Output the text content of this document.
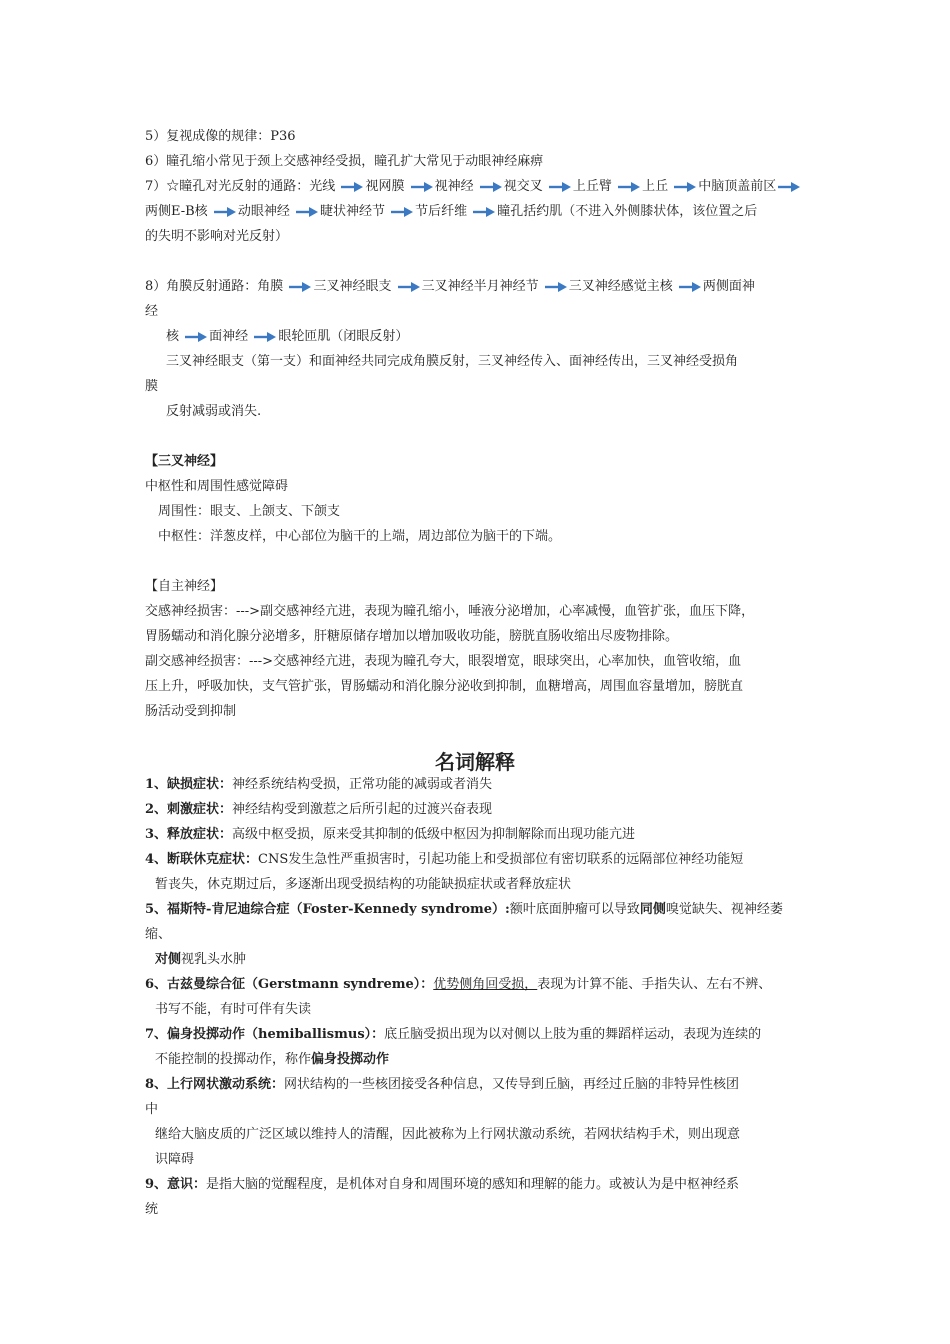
5）复视成像的规律：P36
6）瞳孔缩小常见于颈上交感神经受损，瞳孔扩大常见于动眼神经麻痹
7）☆瞳孔对光反射的通路：光线 视网膜 视神经 视交叉 上丘臂 上丘 中脑顶盖前区
两侧E-B核 动眼神经 睫状神经节 节后纤维 瞳孔括约肌（不进入外侧膝状体，该位置之后
的失明不影响对光反射）
8）角膜反射通路：角膜 三叉神经眼支 三叉神经半月神经节 三叉神经感觉主核 两侧面神
经
核 面神经 眼轮匝肌（闭眼反射）
三叉神经眼支（第一支）和面神经共同完成角膜反射，三叉神经传入、面神经传出，三叉神经受损角
膜
反射减弱或消失.
【三叉神经】
中枢性和周围性感觉障碍
周围性：眼支、上颌支、下颌支
中枢性：洋葱皮样，中心部位为脑干的上端，周边部位为脑干的下端。
【自主神经】
交感神经损害：--->副交感神经亢进，表现为瞳孔缩小，唾液分泌增加，心率减慢，血管扩张，血压下降，
胃肠蠕动和消化腺分泌增多，肝糖原储存增加以增加吸收功能，膀胱直肠收缩出尽废物排除。
副交感神经损害：--->交感神经亢进，表现为瞳孔夸大，眼裂增宽，眼球突出，心率加快，血管收缩，血
压上升，呼吸加快，支气管扩张，胃肠蠕动和消化腺分泌收到抑制，血糖增高，周围血容量增加，膀胱直
肠活动受到抑制
名词解释
1、缺损症状：神经系统结构受损，正常功能的减弱或者消失
2、刺激症状：神经结构受到激惹之后所引起的过渡兴奋表现
3、释放症状：高级中枢受损，原来受其抑制的低级中枢因为抑制解除而出现功能亢进
4、断联休克症状：CNS发生急性严重损害时，引起功能上和受损部位有密切联系的远隔部位神经功能短
暂丧失，休克期过后，多逐渐出现受损结构的功能缺损症状或者释放症状
5、福斯特-肯尼迪综合症（Foster-Kennedy syndrome）:额叶底面肿瘤可以导致同侧嗅觉缺失、视神经萎
缩、
对侧视乳头水肿
6、古兹曼综合征（Gerstmann syndreme）：优势侧角回受损，表现为计算不能、手指失认、左右不辨、
书写不能，有时可伴有失读
7、偏身投掷动作（hemiballismus）：底丘脑受损出现为以对侧以上肢为重的舞蹈样运动，表现为连续的
不能控制的投掷动作，称作偏身投掷动作
8、上行网状激动系统：网状结构的一些核团接受各种信息，又传导到丘脑，再经过丘脑的非特异性核团
中
继给大脑皮质的广泛区域以维持人的清醒，因此被称为上行网状激动系统，若网状结构手术，则出现意
识障碍
9、意识：是指大脑的觉醒程度，是机体对自身和周围环境的感知和理解的能力。或被认为是中枢神经系
统
